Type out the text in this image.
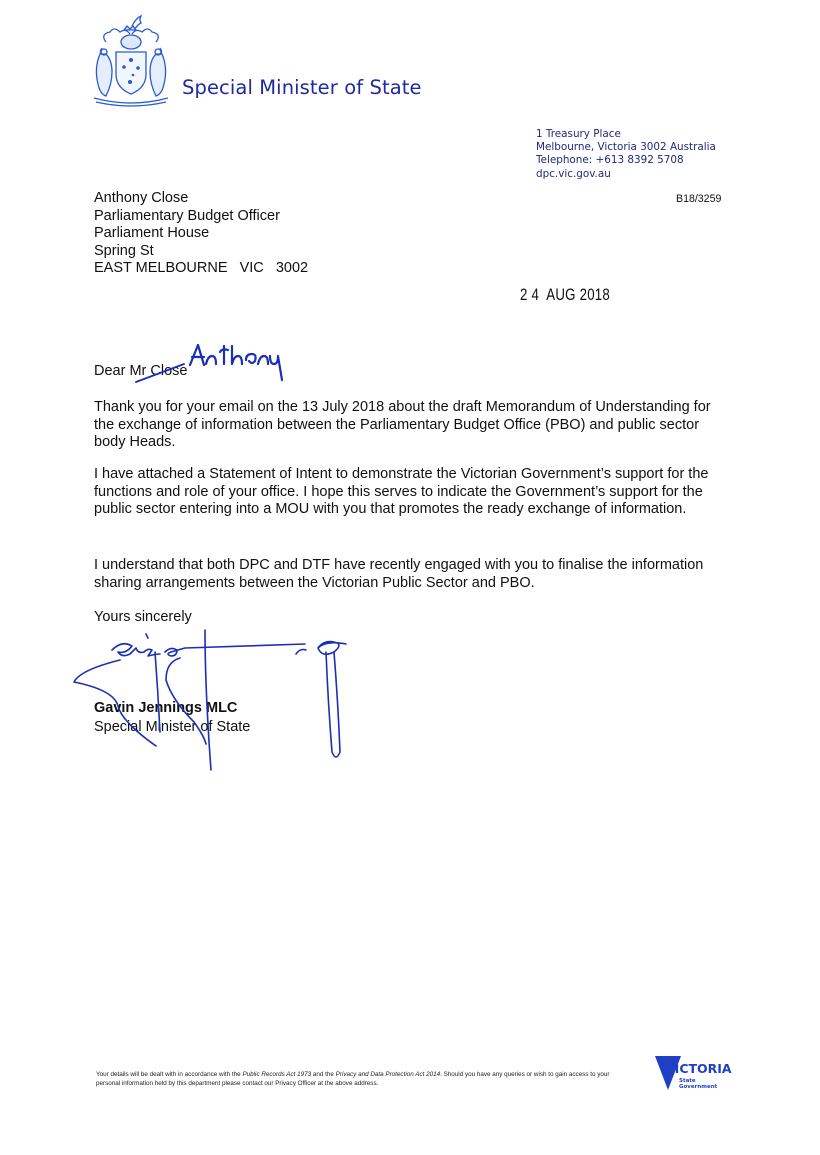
Special Minister of State
1 Treasury Place
Melbourne, Victoria 3002 Australia
Telephone: +613 8392 5708
dpc.vic.gov.au
B18/3259
Anthony Close
Parliamentary Budget Officer
Parliament House
Spring St
EAST MELBOURNE   VIC   3002
2 4  AUG 2018
Dear Mr Close

Thank you for your email on the 13 July 2018 about the draft Memorandum of Understanding for the exchange of information between the Parliamentary Budget Office (PBO) and public sector body Heads.

I have attached a Statement of Intent to demonstrate the Victorian Government’s support for the functions and role of your office. I hope this serves to indicate the Government’s support for the public sector entering into a MOU with you that promotes the ready exchange of information.

I understand that both DPC and DTF have recently engaged with you to finalise the information sharing arrangements between the Victorian Public Sector and PBO.

Yours sincerely
Gavin Jennings MLC
Special Minister of State
Your details will be dealt with in accordance with the Public Records Act 1973 and the Privacy and Data Protection Act 2014. Should you have any queries or wish to gain access to your personal information held by this department please contact our Privacy Officer at the above address.
VICTORIA
State
Government
